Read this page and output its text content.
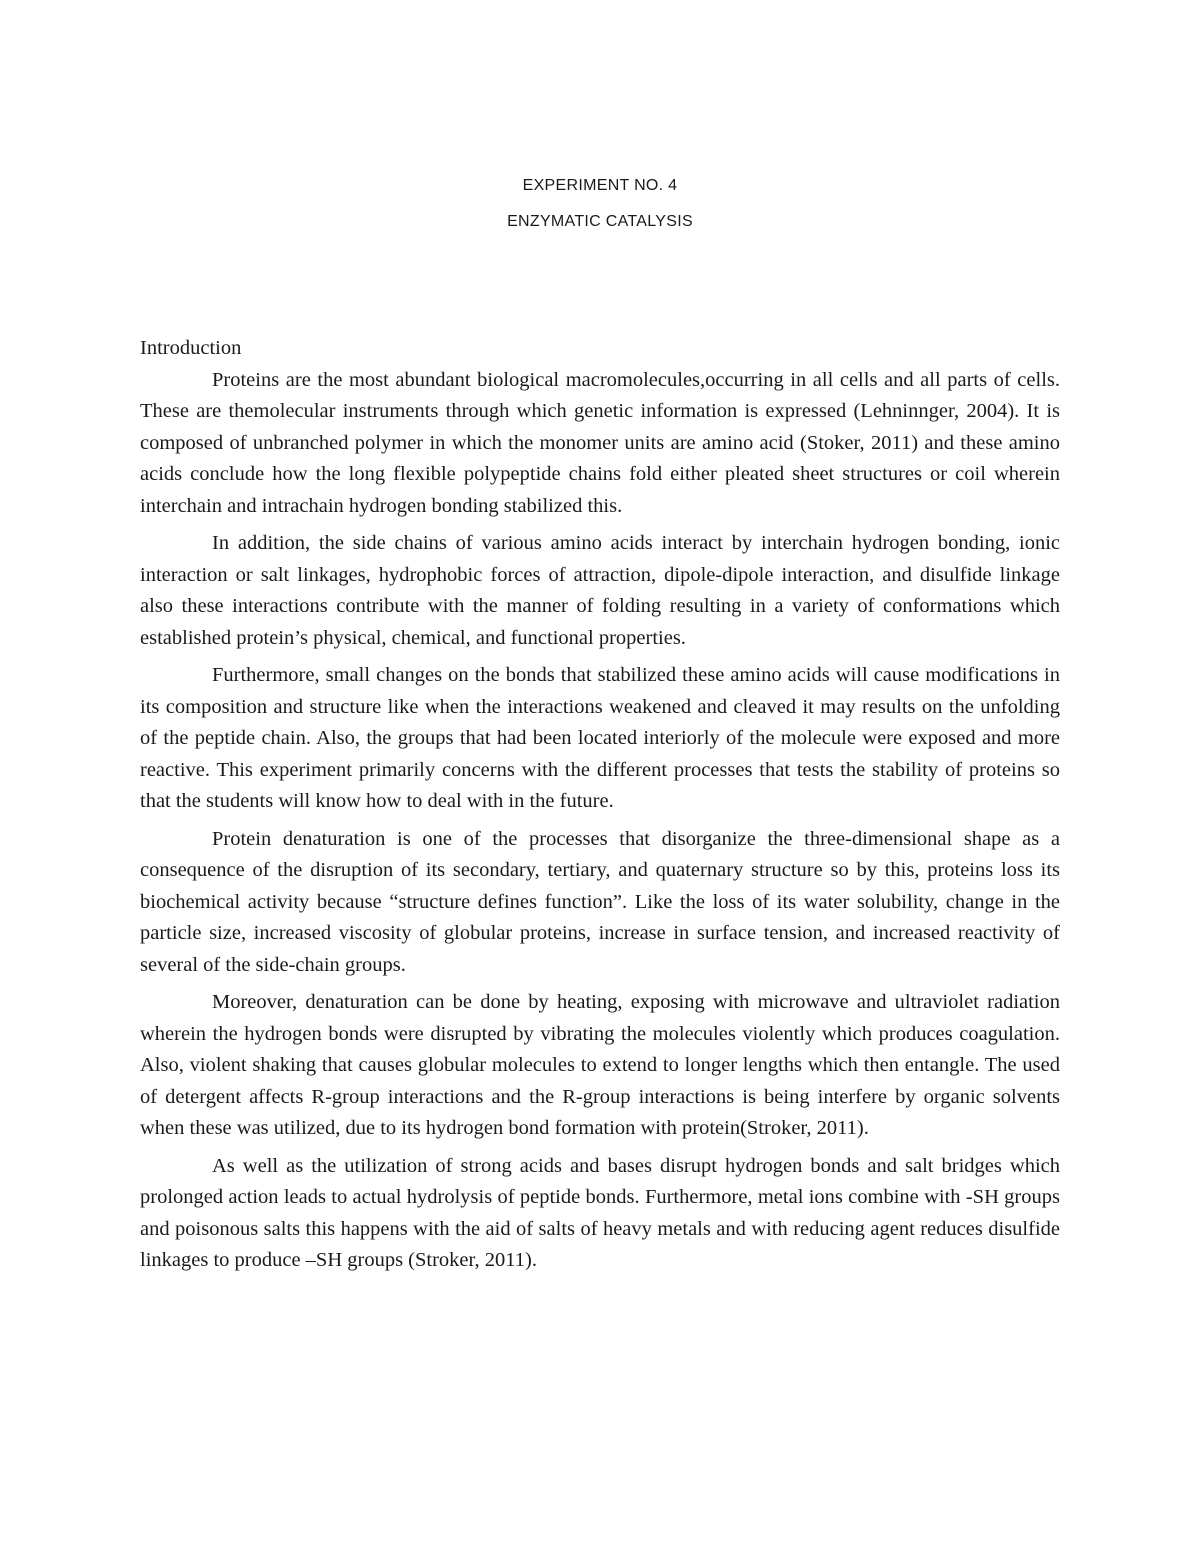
EXPERIMENT NO. 4

ENZYMATIC CATALYSIS

Introduction

Proteins are the most abundant biological macromolecules,occurring in all cells and all parts of cells. These are themolecular instruments through which genetic information is expressed (Lehninnger, 2004). It is composed of unbranched polymer in which the monomer units are amino acid (Stoker, 2011) and these amino acids conclude how the long flexible polypeptide chains fold either pleated sheet structures or coil wherein interchain and intrachain hydrogen bonding stabilized this.

In addition, the side chains of various amino acids interact by interchain hydrogen bonding, ionic interaction or salt linkages, hydrophobic forces of attraction, dipole-dipole interaction, and disulfide linkage also these interactions contribute with the manner of folding resulting in a variety of conformations which established protein’s physical, chemical, and functional properties.

Furthermore, small changes on the bonds that stabilized these amino acids will cause modifications in its composition and structure like when the interactions weakened and cleaved it may results on the unfolding of the peptide chain. Also, the groups that had been located interiorly of the molecule were exposed and more reactive. This experiment primarily concerns with the different processes that tests the stability of proteins so that the students will know how to deal with in the future.

Protein denaturation is one of the processes that disorganize the three-dimensional shape as a consequence of the disruption of its secondary, tertiary, and quaternary structure so by this, proteins loss its biochemical activity because “structure defines function”. Like the loss of its water solubility, change in the particle size, increased viscosity of globular proteins, increase in surface tension, and increased reactivity of several of the side-chain groups.

Moreover, denaturation can be done by heating, exposing with microwave and ultraviolet radiation wherein the hydrogen bonds were disrupted by vibrating the molecules violently which produces coagulation. Also, violent shaking that causes globular molecules to extend to longer lengths which then entangle. The used of detergent affects R-group interactions and the R-group interactions is being interfere by organic solvents when these was utilized, due to its hydrogen bond formation with protein(Stroker, 2011).

As well as the utilization of strong acids and bases disrupt hydrogen bonds and salt bridges which prolonged action leads to actual hydrolysis of peptide bonds. Furthermore, metal ions combine with -SH groups and poisonous salts this happens with the aid of salts of heavy metals and with reducing agent reduces disulfide linkages to produce –SH groups (Stroker, 2011).
